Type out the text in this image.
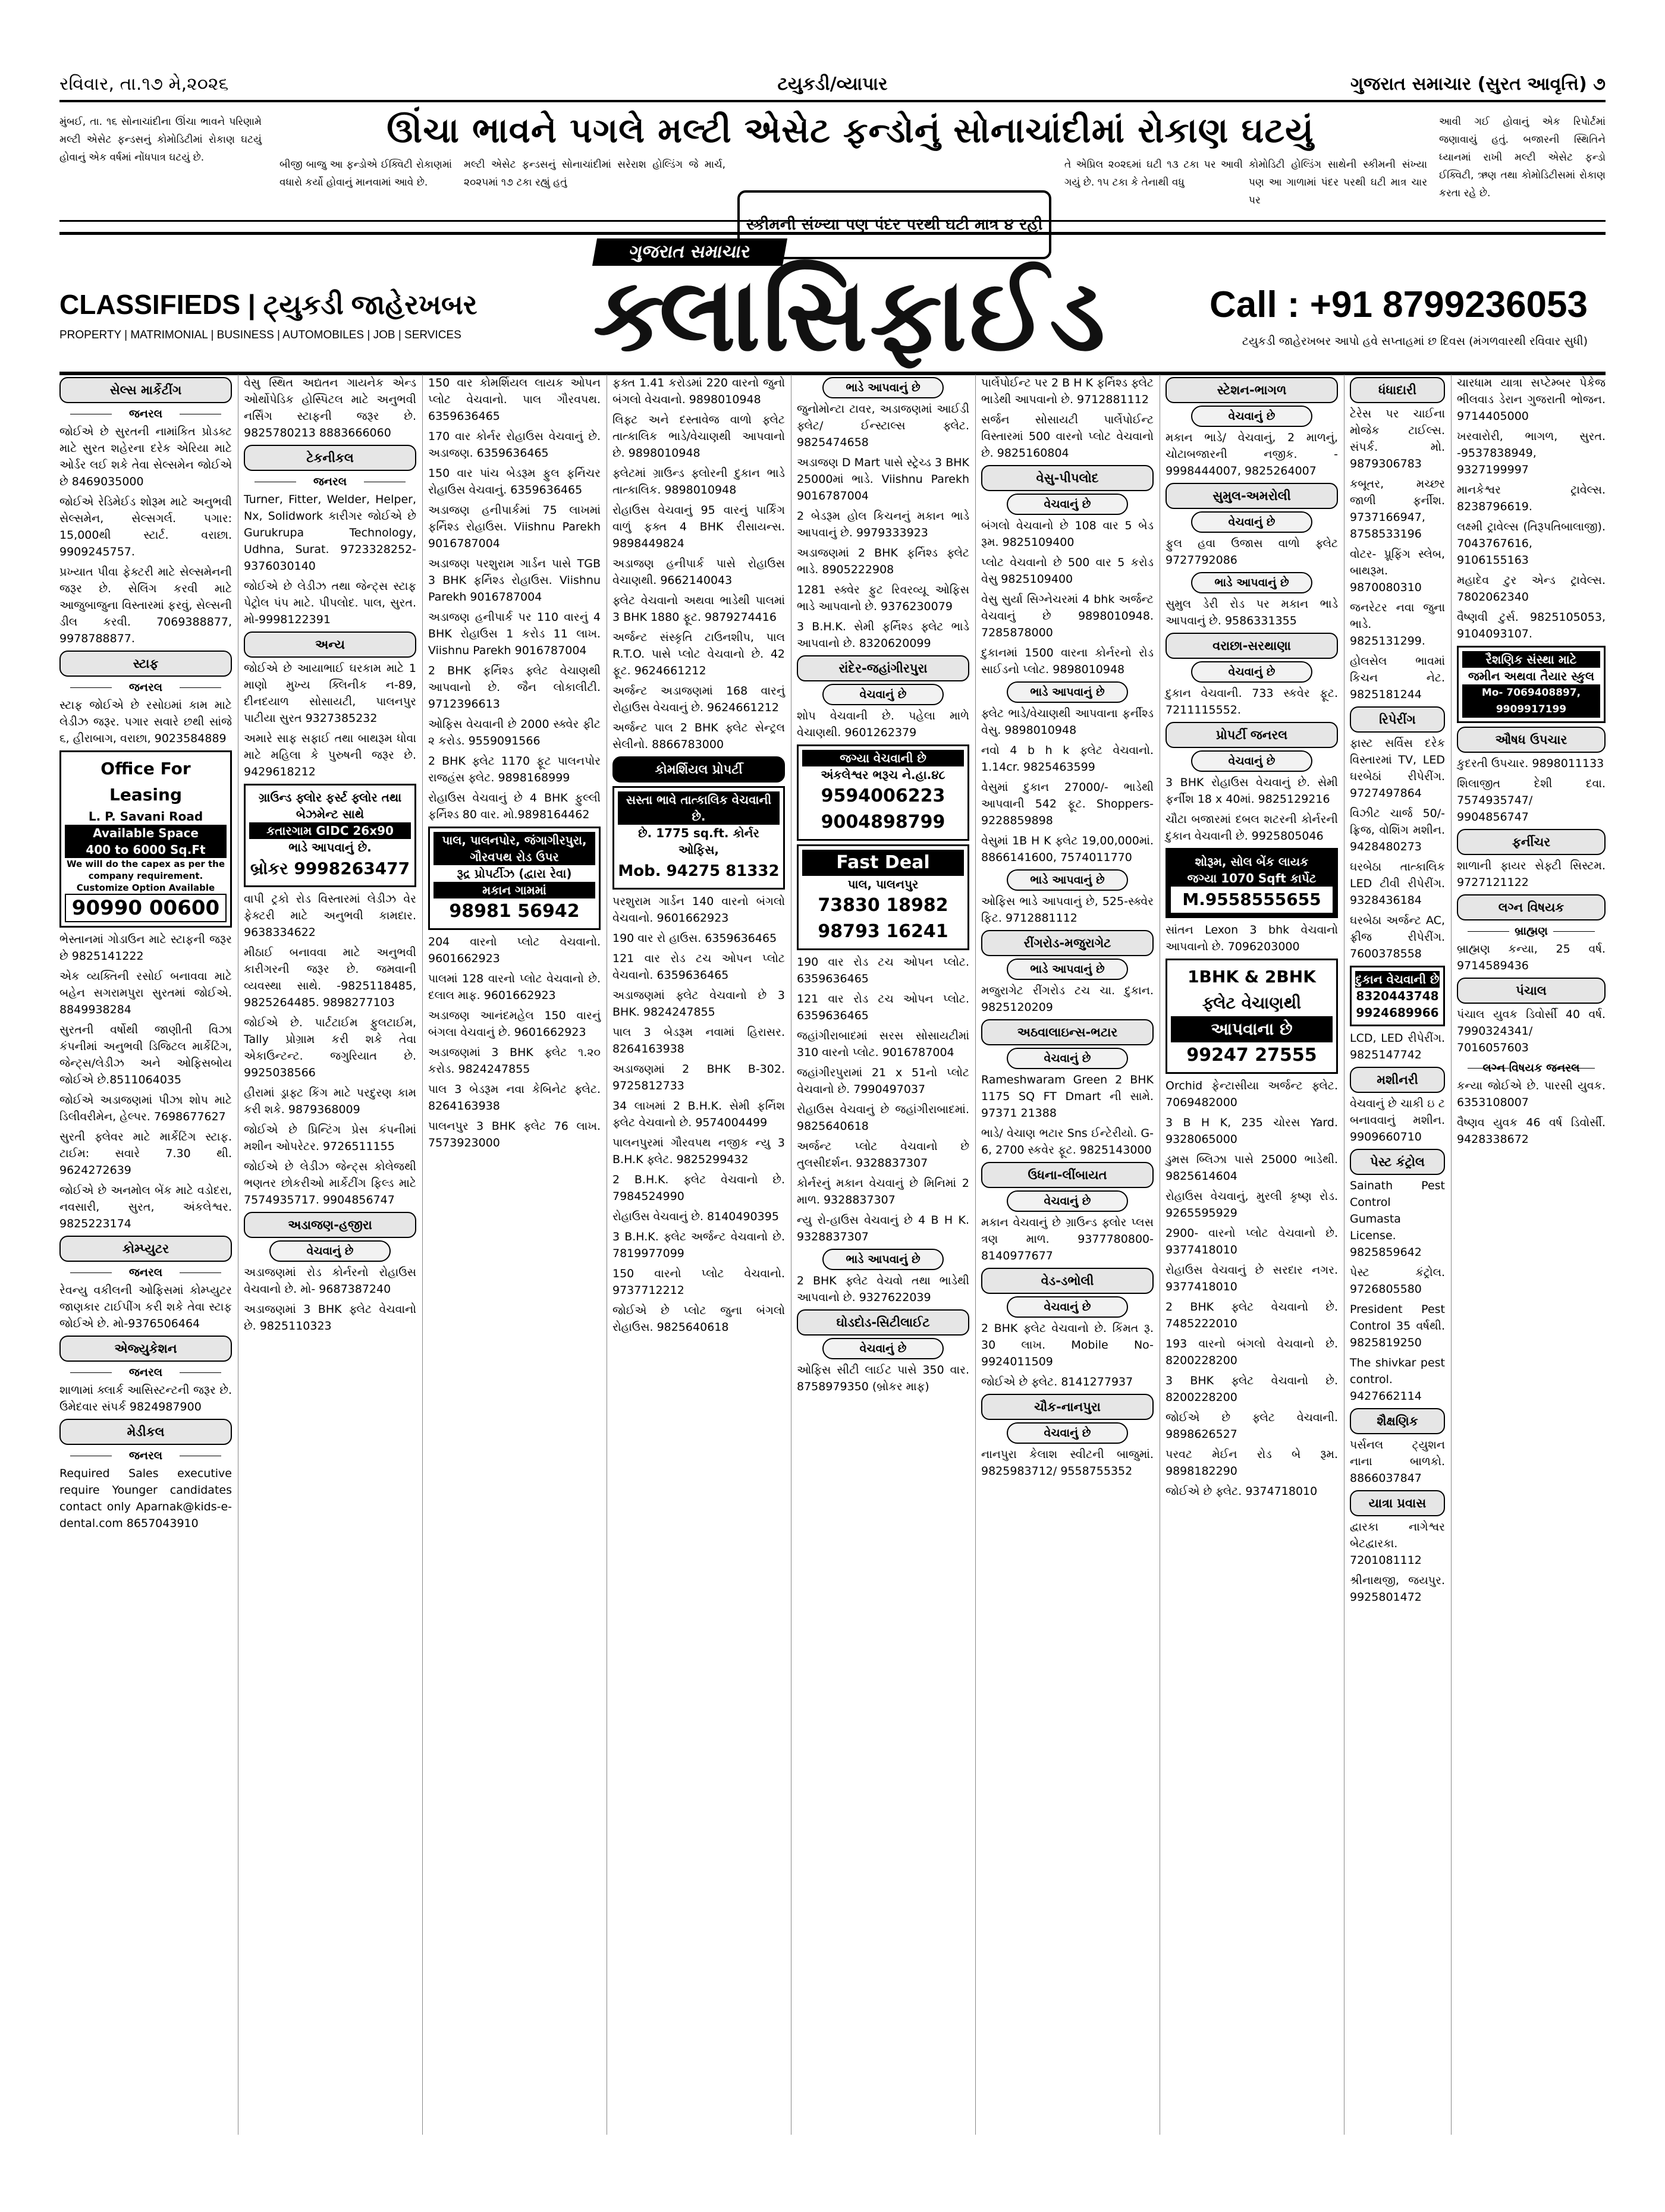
રવિવાર, તા.૧૭ મે,૨૦૨૬	ટયુકડી/વ્યાપાર	ગુજરાત સમાચાર (સુરત આવૃત્તિ) ૭
મુંબઈ, તા. ૧૬ સોનાચાંદીના ઊંચા ભાવને પરિણામે મલ્ટી એસેટ ફન્ડસનું કોમોડિટીમાં રોકાણ ઘટયું હોવાનું એક વર્ષમાં નોંધપાત્ર ઘટયું છે.
ઊંચા ભાવને પગલે મલ્ટી એસેટ ફન્ડોનું સોનાચાંદીમાં રોકાણ ઘટયું
બીજી બાજુ આ ફન્ડોએ ઈક્વિટી રોકાણમાં વધારો કર્યો હોવાનું માનવામાં આવે છે.
મલ્ટી એસેટ ફન્ડસનું સોનાચાંદીમાં સરેરાશ હોલ્ડિંગ જે માર્ચ, ૨૦૨૫માં ૧૭ ટકા રહ્યું હતું
સ્કીમની સંખ્યા પણ પંદર પરથી ઘટી માત્ર ૪ રહી
તે એપ્રિલ ૨૦૨૬માં ઘટી ૧૩ ટકા પર આવી ગયું છે. ૧૫ ટકા કે તેનાથી વધુ
કોમોડિટી હોલ્ડિંગ સાથેની સ્કીમની સંખ્યા પણ આ ગાળામાં પંદર પરથી ઘટી માત્ર ચાર પર
આવી ગઈ હોવાનું એક રિપોર્ટમાં જણાવાયું હતું. બજારની સ્થિતિને ધ્યાનમાં રાખી મલ્ટી એસેટ ફન્ડો ઈક્વિટી, ઋણ તથા કોમોડિટીસમાં રોકાણ કરતા રહે છે.
CLASSIFIEDS | ટ્યુકડી જાહેરખબર
PROPERTY | MATRIMONIAL | BUSINESS | AUTOMOBILES | JOB | SERVICES
ગુજરાત સમાચાર
ક્લાસિફાઈડ	Call : +91 8799236053
ટયુકડી જાહેરખબર આપો હવે સપ્તાહમાં છ દિવસ (મંગળવારથી રવિવાર સુધી)
સેલ્સ માર્કેટીંગ
જનરલ

જોઈએ છે સુરતની નામાંકિત પ્રોડક્ટ માટે સુરત શહેરના દરેક એરિયા માટે ઓર્ડર લઈ શકે તેવા સેલ્સમેન જોઈએ છે 8469035000

જોઈએ રેડિમેઈડ શોરૂમ માટે અનુભવી સેલ્સમેન, સેલ્સગર્લ. પગાર: 15,000થી સ્ટાર્ટ. વરાછા. 9909245757.

પ્રખ્યાત પીવા ફેક્ટરી માટે સેલ્સમેનની જરૂર છે. સેલિંગ કરવી માટે આજુબાજુના વિસ્તારમાં ફરવું, સેલ્સની ડીલ કરવી. 7069388877, 9978788877.

સ્ટાફ
જનરલ

સ્ટાફ જોઈએ છે રસોઇમાં કામ માટે લેડીઝ જરૂર. પગાર સવારે છથી સાંજે ૬, હીરાબાગ, વરાછા, 9023584889

Office For Leasing
L. P. Savani Road
Available Space
400 to 6000 Sq.Ft
We will do the capex as per the company requirement. Customize Option Available
90990 00600

ભેસ્તાનમાં ગોડાઉન માટે સ્ટાફની જરૂર છે 9825141222

એક વ્યક્તિની રસોઈ બનાવવા માટે બહેન સગરામપુરા સુરતમાં જોઈએ. 8849938284

સુરતની વર્ષોથી જાણીતી વિઝા કંપનીમાં અનુભવી ડિજિટલ માર્કેટિંગ, જેન્ટ્સ/લેડીઝ અને ઓફિસબોય જોઈએ છે.8511064035

જોઈએ અડાજણમાં પીઝા શોપ માટે ડિલીવરીમેન, હેલ્પર. 7698677627

સુરતી ફ્લેવર માટે માર્કેટિંગ સ્ટાફ. ટાઈમ: સવારે 7.30 થી. 9624272639

જોઈએ છે અનમોલ બેંક માટે વડોદરા, નવસારી, સુરત, અંકલેશ્વર. 9825223174

કોમ્પ્યુટર
જનરલ

રેવન્યુ વકીલની ઓફિસમાં કોમ્પ્યુટર જાણકાર ટાઈપીંગ કરી શકે તેવા સ્ટાફ જોઈએ છે. મો-9376506464

એજ્યુકેશન
જનરલ

શાળામાં ક્લાર્ક આસિસ્ટન્ટની જરૂર છે. ઉમેદવાર સંપર્ક 9824987900

મેડીકલ
જનરલ

Required Sales executive require Younger candidates contact only Aparnak@kids-e-dental.com 8657043910

વેસુ સ્થિત અદ્યતન ગાયનેક એન્ડ ઓર્થોપેડિક હોસ્પિટલ માટે અનુભવી નર્સિંગ સ્ટાફની જરૂર છે. 9825780213 8883666060

ટેકનીકલ
જનરલ

Turner, Fitter, Welder, Helper, Nx, Solidwork કારીગર જોઈએ છે Gurukrupa Technology, Udhna, Surat. 9723328252-9376030140

જોઈએ છે લેડીઝ તથા જેન્ટ્સ સ્ટાફ પેટ્રોલ પંપ માટે. પીપલોદ. પાલ, સુરત. મો-9998122391

અન્ય

જોઈએ છે આયાભાઈ ઘરકામ માટે 1 માણો મુખ્ય ક્લિનીક ન-89, દીનદયાળ સોસાયટી, પાલનપુર પાટીયા સુરત 9327385232

અમારે સાફ સફાઈ તથા બાથરૂમ ધોવા માટે મહિલા કે પુરુષની જરૂર છે. 9429618212

ગ્રાઉન્ડ ફ્લોર ફર્સ્ટ ફ્લોર તથા બેઝમેન્ટ સાથે
કતારગામ GIDC 26x90
ભાડે આપવાનું છે.
બ્રોકર 9998263477

વાપી ટ્રકો રોડ વિસ્તારમાં લેડીઝ વેર ફેક્ટરી માટે અનુભવી કામદાર. 9638334622

મીઠાઈ બનાવવા માટે અનુભવી કારીગરની જરૂર છે. જમવાની વ્યવસ્થા સાથે. -9825118485, 9825264485. 9898277103

જોઈએ છે. પાર્ટટાઈમ ફુલટાઈમ, Tally પ્રોગ્રામ કરી શકે તેવા એકાઉન્ટન્ટ. જગુરિયાત છે. 9925038566

હીરામાં ડ્રાફ્ટ કિંગ માટે પરદુરણ કામ કરી શકે. 9879368009

જોઈએ છે પ્રિન્ટિંગ પ્રેસ કંપનીમાં મશીન ઓપરેટર. 9726511155

જોઈએ છે લેડીઝ જેન્ટ્સ કોલેજથી ભણતર છોકરીઓ માર્કેટીંગ ફિલ્ડ માટે 7574935717. 9904856747

અડાજણ-હજીરા
વેચવાનું છે

અડાજણમાં રોડ કોર્નરનો રોહાઉસ વેચવાનો છે. મો- 9687387240

અડાજણમાં 3 BHK ફ્લેટ વેચવાનો છે. 9825110323

150 વાર કોમર્શિયલ લાયક ઓપન પ્લોટ વેચવાનો. પાલ ગૌરવપથ. 6359636465

170 વાર કોર્નર રોહાઉસ વેચવાનું છે. અડાજણ. 6359636465

150 વાર પાંચ બેડરૂમ ફુલ ફર્નિચર રોહાઉસ વેચવાનું. 6359636465

અડાજણ હનીપાર્કમાં 75 લાખમાં ફર્નિશ્ડ રોહાઉસ. Viishnu Parekh 9016787004

અડાજણ પરશુરામ ગાર્ડન પાસે TGB 3 BHK ફર્નિશ્ડ રોહાઉસ. Viishnu Parekh 9016787004

અડાજણ હનીપાર્ક પર 110 વારનું 4 BHK રોહાઉસ 1 કરોડ 11 લાખ. Viishnu Parekh 9016787004

2 BHK ફર્નિશ્ડ ફ્લેટ વેચાણથી આપવાનો છે. જૈન લોકાલીટી. 9712396613

ઓફિસ વેચવાની છે 2000 સ્ક્વેર ફીટ ૨ કરોડ. 9559091566

2 BHK ફ્લેટ 1170 ફૂટ પાલનપોર રાજહંસ ફ્લેટ. 9898168999

રોહાઉસ વેચવાનું છે 4 BHK ફુલ્લી ફર્નિશ્ડ 80 વાર. મો.9898164462

પાલ, પાલનપોર, જંગાગીરપુરા, ગૌરવપથ રોડ ઉપર
રૂદ્ર પ્રોપર્ટીઝ (દ્વારા રેવા)
મકાન ગામમાં
98981 56942

204 વારનો પ્લોટ વેચવાનો. 9601662923

પાલમાં 128 વારનો પ્લોટ વેચવાનો છે. દલાલ માફ. 9601662923

અડાજણ આનંદમહેલ 150 વારનું બંગલા વેચવાનું છે. 9601662923

અડાજણમાં 3 BHK ફ્લેટ ૧.૨૦ કરોડ. 9824247855

પાલ 3 બેડરૂમ નવા કેબિનેટ ફ્લેટ. 8264163938

પાલનપુર 3 BHK ફ્લેટ 76 લાખ. 7573923000

ફક્ત 1.41 કરોડમાં 220 વારનો જુનો બંગલો વેચવાનો. 9898010948

લિફ્ટ અને દસ્તાવેજ વાળો ફ્લેટ તાત્કાલિક ભાડે/વેચાણથી આપવાનો છે. 9898010948

ફ્લેટમાં ગ્રાઉન્ડ ફ્લોરની દુકાન ભાડે તાત્કાલિક. 9898010948

રોહાઉસ વેચવાનું 95 વારનું પાર્કિંગ વાળું ફક્ત 4 BHK રીસાયન્સ. 9898449824

અડાજણ હનીપાર્ક પાસે રોહાઉસ વેચાણથી. 9662140043

ફ્લેટ વેચવાનો અથવા ભાડેથી પાલમાં 3 BHK 1880 ફૂટ. 9879274416

અર્જન્ટ સંસ્કૃતિ ટાઉનશીપ, પાલ R.T.O. પાસે પ્લોટ વેચવાનો છે. 42 ફૂટ. 9624661212

અર્જન્ટ અડાજણમાં 168 વારનું રોહાઉસ વેચવાનું છે. 9624661212

અર્જન્ટ પાલ 2 BHK ફ્લેટ સેન્ટ્રલ સેલીનો. 8866783000

કોમર્શિયલ પ્રોપર્ટી
સસ્તા ભાવે તાત્કાલિક વેચવાની છે.
છે. 1775 sq.ft. કોર્નર ઓફિસ,
Mob. 94275 81332

પરશુરામ ગાર્ડન 140 વારનો બંગલો વેચવાનો. 9601662923

190 વાર રો હાઉસ. 6359636465

121 વાર રોડ ટચ ઓપન પ્લોટ વેચવાનો. 6359636465

અડાજણમાં ફ્લેટ વેચવાનો છે 3 BHK. 9824247855

પાલ 3 બેડરૂમ નવામાં હિરાસર. 8264163938

અડાજણમાં 2 BHK B-302. 9725812733

34 લાખમાં 2 B.H.K. સેમી ફર્નિશ ફ્લેટ વેચવાનો છે. 9574004499

પાલનપુરમાં ગૌરવપથ નજીક ન્યુ 3 B.H.K ફ્લેટ. 9825299432

2 B.H.K. ફ્લેટ વેચવાનો છે. 7984524990

રોહાઉસ વેચવાનું છે. 8140490395

3 B.H.K. ફ્લેટ અર્જન્ટ વેચવાનો છે. 7819977099

150 વારનો પ્લોટ વેચવાનો. 9737712212

જોઈએ છે પ્લોટ જુના બંગલો રોહાઉસ. 9825640618

ભાડે આપવાનું છે

જુનોમોન્ટા ટાવર, અડાજણમાં આઈડી ફ્લેટ/ ઈન્સ્ટાલ્સ ફ્લેટ. 9825474658

અડાજણ D Mart પાસે સ્ટ્રેચ્ડ 3 BHK 25000માં ભાડે. Viishnu Parekh 9016787004

2 બેડરૂમ હોલ કિચનનું મકાન ભાડે આપવાનું છે. 9979333923

અડાજણમાં 2 BHK ફર્નિશ્ડ ફ્લેટ ભાડે. 8905222908

1281 સ્ક્વેર ફુટ રિવરવ્યૂ ઓફિસ ભાડે આપવાનો છે. 9376230079

3 B.H.K. સેમી ફર્નિશ્ડ ફ્લેટ ભાડે આપવાનો છે. 8320620099

રાંદેર-જહાંગીરપુરા
વેચવાનું છે

શોપ વેચવાની છે. પહેલા માળે વેચાણથી. 9601262379

જગ્યા વેચવાની છે
અંકલેશ્વર ભરૂચ ને.હા.૪૮
9594006223
9004898799
Fast Deal
પાલ, પાલનપુર
73830 18982
98793 16241

190 વાર રોડ ટચ ઓપન પ્લોટ. 6359636465

121 વાર રોડ ટચ ઓપન પ્લોટ. 6359636465

જહાંગીરાબાદમાં સરસ સોસાયટીમાં 310 વારનો પ્લોટ. 9016787004

જહાંગીરપુરામાં 21 x 51નો પ્લોટ વેચવાનો છે. 7990497037

રોહાઉસ વેચવાનું છે જહાંગીરાબાદમાં. 9825640618

અર્જન્ટ પ્લોટ વેચવાનો છે તુલસીદર્શન. 9328837307

કોર્નરનું મકાન વેચવાનું છે મિનિમાં 2 માળ. 9328837307

ન્યુ રો-હાઉસ વેચવાનું છે 4 B H K. 9328837307

ભાડે આપવાનું છે

2 BHK ફ્લેટ વેચવો તથા ભાડેથી આપવાનો છે. 9327622039

ઘોડદોડ-સિટીલાઈટ
વેચવાનું છે

ઓફિસ સીટી લાઈટ પાસે 350 વાર. 8758979350 (બ્રોકર માફ)

પાર્લેપોઈન્ટ પર 2 B H K ફર્નિશ્ડ ફ્લેટ ભાડેથી આપવાનો છે. 9712881112

સર્જન સોસાયટી પાર્લેપોઈન્ટ વિસ્તારમાં 500 વારનો પ્લોટ વેચવાનો છે. 9825160804

વેસુ-પીપલોદ
વેચવાનું છે

બંગલો વેચવાનો છે 108 વાર 5 બેડ રૂમ. 9825109400

પ્લોટ વેચવાનો છે 500 વાર 5 કરોડ વેસુ 9825109400

વેસુ સુર્યા સિગ્નેચરમાં 4 bhk અર્જન્ટ વેચવાનું છે 9898010948. 7285878000

દુકાનમાં 1500 વારના કોર્નરનો રોડ સાઈડનો પ્લોટ. 9898010948

ભાડે આપવાનું છે

ફ્લેટ ભાડે/વેચાણથી આપવાના ફર્નીશ્ડ વેસુ. 9898010948

નવો 4 b h k ફ્લેટ વેચવાનો. 1.14cr. 9825463599

વેસુમાં દુકાન 27000/- ભાડેથી આપવાની 542 ફૂટ. Shoppers- 9228859898

વેસુમાં 1B H K ફ્લેટ 19,00,000માં. 8866141600, 7574011770

ભાડે આપવાનું છે

ઓફિસ ભાડે આપવાનું છે, 525-સ્ક્વેર ફિટ. 9712881112

રીંગરોડ-મજુરાગેટ
ભાડે આપવાનું છે

મજુરાગેટ રીંગરોડ ટચ ચા. દુકાન. 9825120209

અઠવાલાઇન્સ-ભટાર
વેચવાનું છે

Rameshwaram Green 2 BHK 1175 SQ FT Dmart ની સામે. 97371 21388

ભાડે/ વેચાણ ભટાર Sns ઈન્ટેરીયો. G- 6, 2700 સ્કવેર ફૂટ. 9825143000

ઉધના-લીંબાયત
વેચવાનું છે

મકાન વેચવાનું છે ગ્રાઉન્ડ ફ્લોર પ્લસ ત્રણ માળ. 9377780800-8140977677

વેડ-ડભોલી
વેચવાનું છે

2 BHK ફ્લેટ વેચવાનો છે. કિંમત રૂ. 30 લાખ. Mobile No- 9924011509

જોઈએ છે ફ્લેટ. 8141277937

ચૌક-નાનપુરા
વેચવાનું છે

નાનપુરા કેલાશ સ્વીટની બાજુમાં. 9825983712/ 9558755352

સ્ટેશન-ભાગળ
વેચવાનું છે

મકાન ભાડે/ વેચવાનું, 2 માળનું, ચોટાબજારની નજીક. - 9998444007, 9825264007

સુમુલ-અમરોલી
વેચવાનું છે

ફુલ હવા ઉજાસ વાળો ફ્લેટ 9727792086

ભાડે આપવાનું છે

સુમુલ ડેરી રોડ પર મકાન ભાડે આપવાનું છે. 9586331355

વરાછા-સરથાણા
વેચવાનું છે

દુકાન વેચવાની. 733 સ્કવેર ફૂટ. 7211115552.

પ્રોપર્ટી જનરલ
વેચવાનું છે

3 BHK રોહાઉસ વેચવાનું છે. સેમી ફર્નીશ 18 x 40માં. 9825129216

ચૌટા બજારમાં દબલ શટરની કોર્નરની દુકાન વેચવાની છે. 9925805046

શોરૂમ, સોલ બેંક લાયક
જગ્યા 1070 Sqft કાર્પેટ
M.9558555655

સાંતન Lexon 3 bhk વેચવાનો આપવાનો છે. 7096203000

1BHK & 2BHK
ફ્લેટ વેચાણથી
આપવાના છે
99247 27555

Orchid ફેન્ટાસીયા અર્જન્ટ ફ્લેટ. 7069482000

3 B H K, 235 ચોરસ Yard. 9328065000

ડુમસ બ્લિઝા પાસે 25000 ભાડેથી. 9825614604

રોહાઉસ વેચવાનું, મુરલી કૃષ્ણ રોડ. 9265595929

2900- વારનો પ્લોટ વેચવાનો છે. 9377418010

રોહાઉસ વેચવાનું છે સરદાર નગર. 9377418010

2 BHK ફ્લેટ વેચવાનો છે. 7485222010

193 વારનો બંગલો વેચવાનો છે. 8200228200

3 BHK ફ્લેટ વેચવાનો છે. 8200228200

જોઈએ છે ફ્લેટ વેચવાની. 9898626527

પરવટ મેઈન રોડ બે રૂમ. 9898182290

જોઈએ છે ફ્લેટ. 9374718010

ધંધાદારી

ટેરેસ પર ચાઈના મોજેક ટાઈલ્સ. સંપર્ક. મો. 9879306783

કબૂતર, મચ્છર જાળી ફર્નીશ. 9737166947, 8758533196

વોટર- પ્રૂફિંગ સ્લેબ, બાથરૂમ. 9870080310

જનરેટર નવા જુના ભાડે. 9825131299.

હોલસેલ ભાવમાં કિચન નેટ. 9825181244

રિપેરીંગ

ફાસ્ટ સર્વિસ દરેક વિસ્તારમાં TV, LED ઘરબેઠાં રીપેરીંગ. 9727497864

વિઝીટ ચાર્જ 50/- ફ્રિજ, વોશિંગ મશીન. 9428480273

ઘરબેઠા તાત્કાલિક LED ટીવી રીપેરીંગ. 9328436184

ઘરબેઠા અર્જન્ટ AC, ફ્રીજ રીપેરીંગ. 7600378558

દુકાન વેચવાની છે
8320443748
9924689966

LCD, LED રીપેરીંગ. 9825147742

મશીનરી

વેચવાનું છે ચાકી ઇ ટ બનાવવાનું મશીન. 9909660710

પેસ્ટ કંટ્રોલ

Sainath Pest Control Gumasta License. 9825859642

પેસ્ટ કંટ્રોલ. 9726805580

President Pest Control 35 વર્ષથી. 9825819250

The shivkar pest control. 9427662114

શૈક્ષણિક

પર્સનલ ટ્યુશન નાના બાળકો. 8866037847

યાત્રા પ્રવાસ

દ્વારકા નાગેશ્વર બેટદ્વારકા. 7201081112

શ્રીનાથજી, જયપુર. 9925801472

ચારધામ યાત્રા સપ્ટેમ્બર પેકેજ ભીલવાડ ડેરાન ગુજરાતી ભોજન. 9714405000

ખરવારોરી, ભાગળ, સુરત. -9537838949, 9327199997

માનકેશ્વર ટ્રાવેલ્સ. 8238796619.

લક્ષ્મી ટ્રાવેલ્સ (તિરૂપતિબાલાજી). 7043767616, 9106155163

મહાદેવ ટુર એન્ડ ટ્રાવેલ્સ. 7802062340

વૈષ્ણવી ટુર્સ. 9825105053, 9104093107.

રૈશણિક સંસ્થા માટે
જમીન અથવા તૈયાર સ્કુલ
Mo- 7069408897, 9909917199
ઔષધ ઉપચાર

કુદરતી ઉપચાર. 9898011133

શિલાજીત દેશી દવા. 7574935747/ 9904856747

ફર્નીચર

શાળાની ફાયર સેફ્ટી સિસ્ટમ. 9727121122

લગ્ન વિષયક
બ્રાહ્મણ

બ્રાહ્મણ કન્યા, 25 વર્ષ. 9714589436

પંચાલ

પંચાલ યુવક ડિવોર્સી 40 વર્ષ. 7990324341/ 7016057603

લગ્ન વિષયક જનરલ

કન્યા જોઈએ છે. પારસી યુવક. 6353108007

વૈષ્ણવ યુવક 46 વર્ષ ડિવોર્સી. 9428338672
